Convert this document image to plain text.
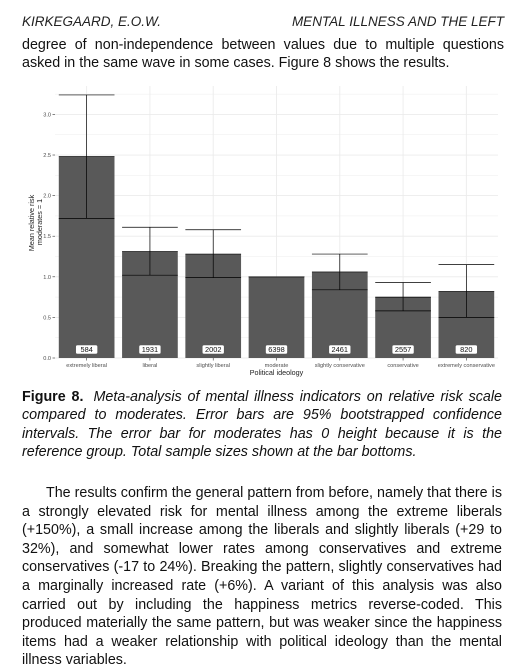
KIRKEGAARD, E.O.W.	MENTAL ILLNESS AND THE LEFT
degree of non-independence between values due to multiple questions asked in the same wave in some cases. Figure 8 shows the results.
0.0
0.5
1.0
1.5
2.0
2.5
3.0
extremely liberal	liberal	slightly liberal	moderate	slightly conservative	conservative	extremely conservative
584	1931	2002	6398	2461	2557	820
Political ideology
Mean relative risk moderates = 1
Figure 8. Meta-analysis of mental illness indicators on relative risk scale compared to moderates. Error bars are 95% bootstrapped confidence intervals. The error bar for moderates has 0 height because it is the reference group. Total sample sizes shown at the bar bottoms.

The results confirm the general pattern from before, namely that there is a strongly elevated risk for mental illness among the extreme liberals (+150%), a small increase among the liberals and slightly liberals (+29 to 32%), and somewhat lower rates among conservatives and extreme conservatives (-17 to 24%). Breaking the pattern, slightly conservatives had a marginally increased rate (+6%). A variant of this analysis was also carried out by including the happiness metrics reverse-coded. This produced materially the same pattern, but was weaker since the happiness items had a weaker relationship with political ideology than the mental illness variables.
